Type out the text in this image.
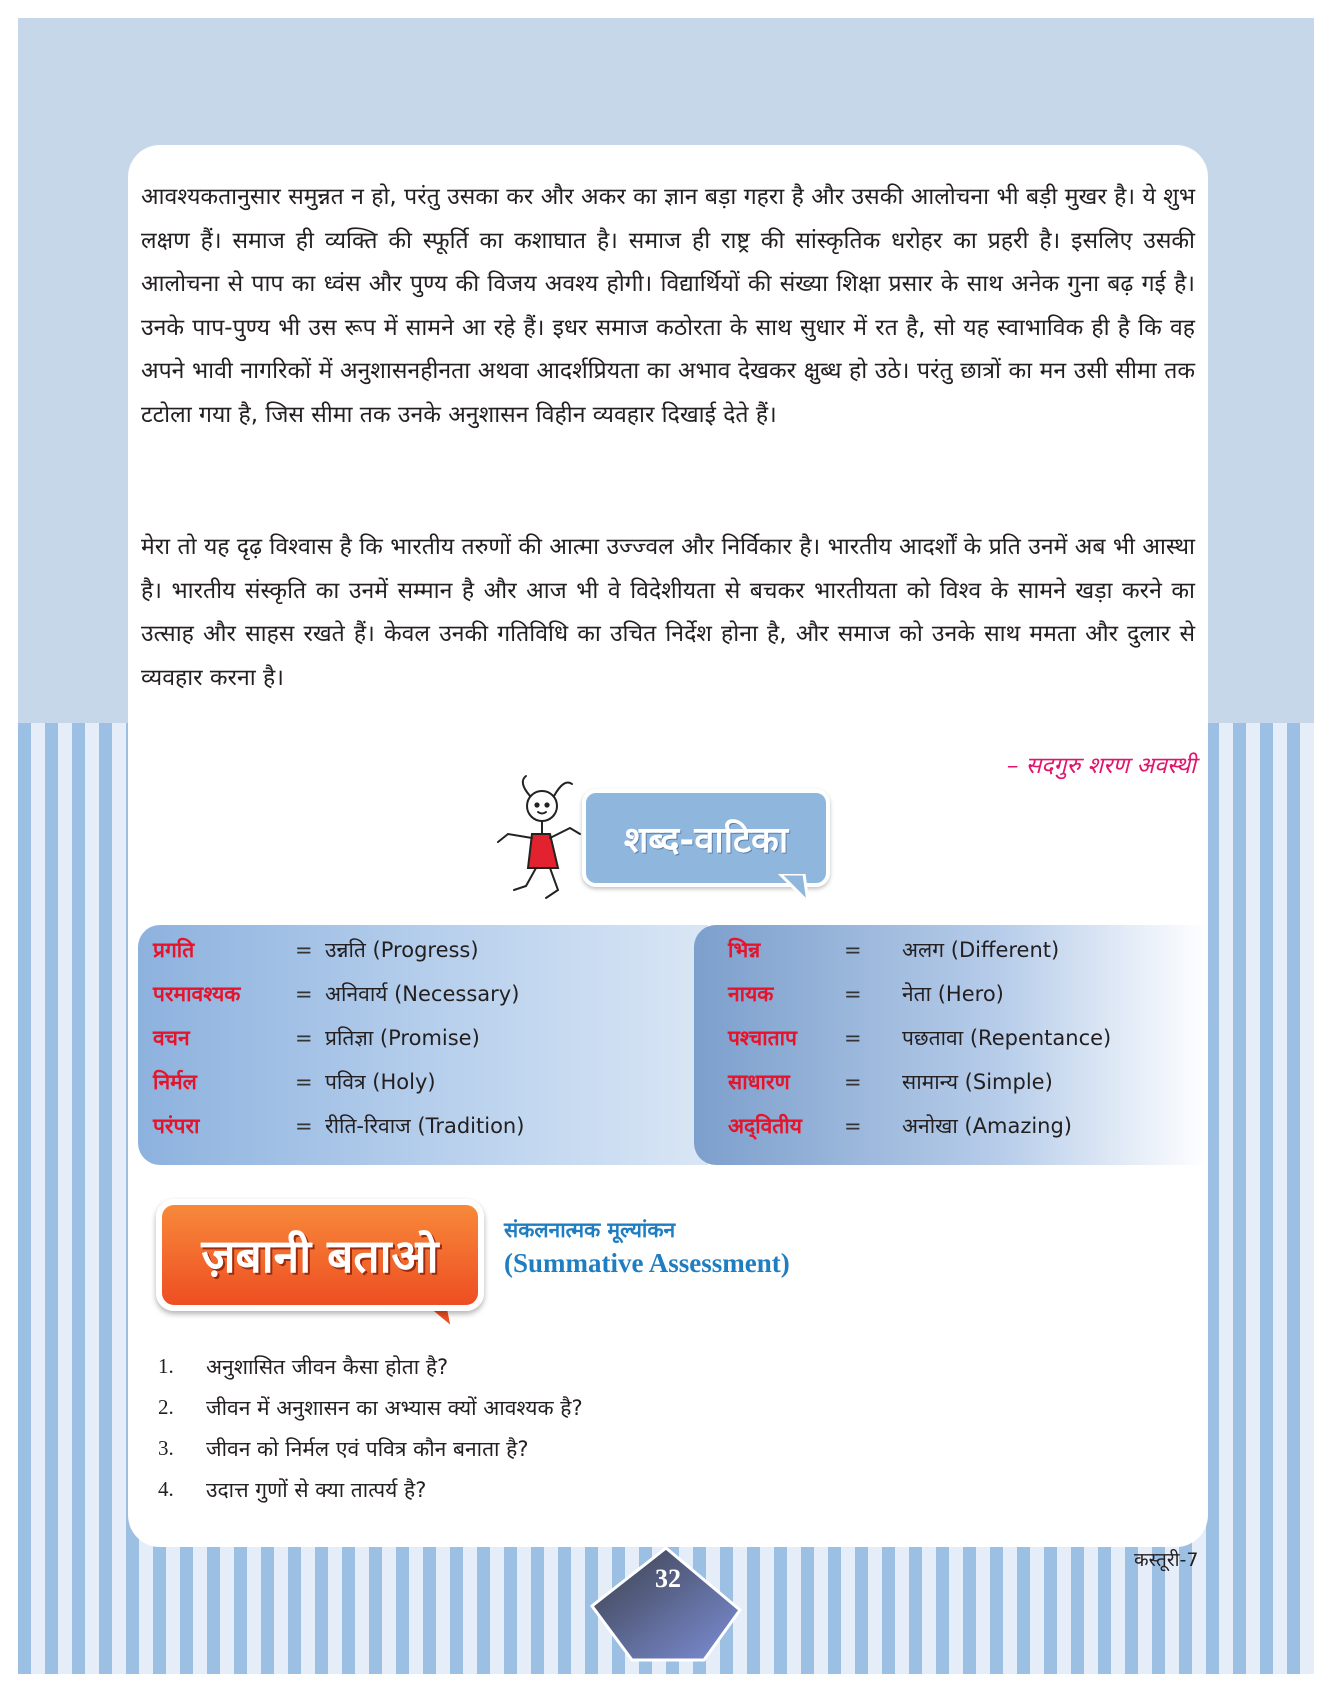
आवश्यकतानुसार समुन्नत न हो, परंतु उसका कर और अकर का ज्ञान बड़ा गहरा है और उसकी आलोचना भी बड़ी मुखर है। ये शुभ लक्षण हैं। समाज ही व्यक्ति की स्फूर्ति का कशाघात है। समाज ही राष्ट्र की सांस्कृतिक धरोहर का प्रहरी है। इसलिए उसकी आलोचना से पाप का ध्वंस और पुण्य की विजय अवश्य होगी। विद्यार्थियों की संख्या शिक्षा प्रसार के साथ अनेक गुना बढ़ गई है। उनके पाप-पुण्य भी उस रूप में सामने आ रहे हैं। इधर समाज कठोरता के साथ सुधार में रत है, सो यह स्वाभाविक ही है कि वह अपने भावी नागरिकों में अनुशासनहीनता अथवा आदर्शप्रियता का अभाव देखकर क्षुब्ध हो उठे। परंतु छात्रों का मन उसी सीमा तक टटोला गया है, जिस सीमा तक उनके अनुशासन विहीन व्यवहार दिखाई देते हैं।

मेरा तो यह दृढ़ विश्वास है कि भारतीय तरुणों की आत्मा उज्ज्वल और निर्विकार है। भारतीय आदर्शों के प्रति उनमें अब भी आस्था है। भारतीय संस्कृति का उनमें सम्मान है और आज भी वे विदेशीयता से बचकर भारतीयता को विश्व के सामने खड़ा करने का उत्साह और साहस रखते हैं। केवल उनकी गतिविधि का उचित निर्देश होना है, और समाज को उनके साथ ममता और दुलार से व्यवहार करना है।

– सदगुरु शरण अवस्थी
शब्द-वाटिका
प्रगति	= उन्नति (Progress)
परमावश्यक	= अनिवार्य (Necessary)
वचन	= प्रतिज्ञा (Promise)
निर्मल	= पवित्र (Holy)
परंपरा	= रीति-रिवाज (Tradition)
भिन्न	=	अलग (Different)
नायक	=	नेता (Hero)
पश्चाताप	=	पछतावा (Repentance)
साधारण	=	सामान्य (Simple)
अद्‌वितीय	=	अनोखा (Amazing)
ज़बानी बताओ	संकलनात्मक मूल्यांकन
(Summative Assessment)
1.	अनुशासित जीवन कैसा होता है?
2.	जीवन में अनुशासन का अभ्यास क्यों आवश्यक है?
3.	जीवन को निर्मल एवं पवित्र कौन बनाता है?
4.	उदात्त गुणों से क्या तात्पर्य है?
32
कस्तूरी-7
